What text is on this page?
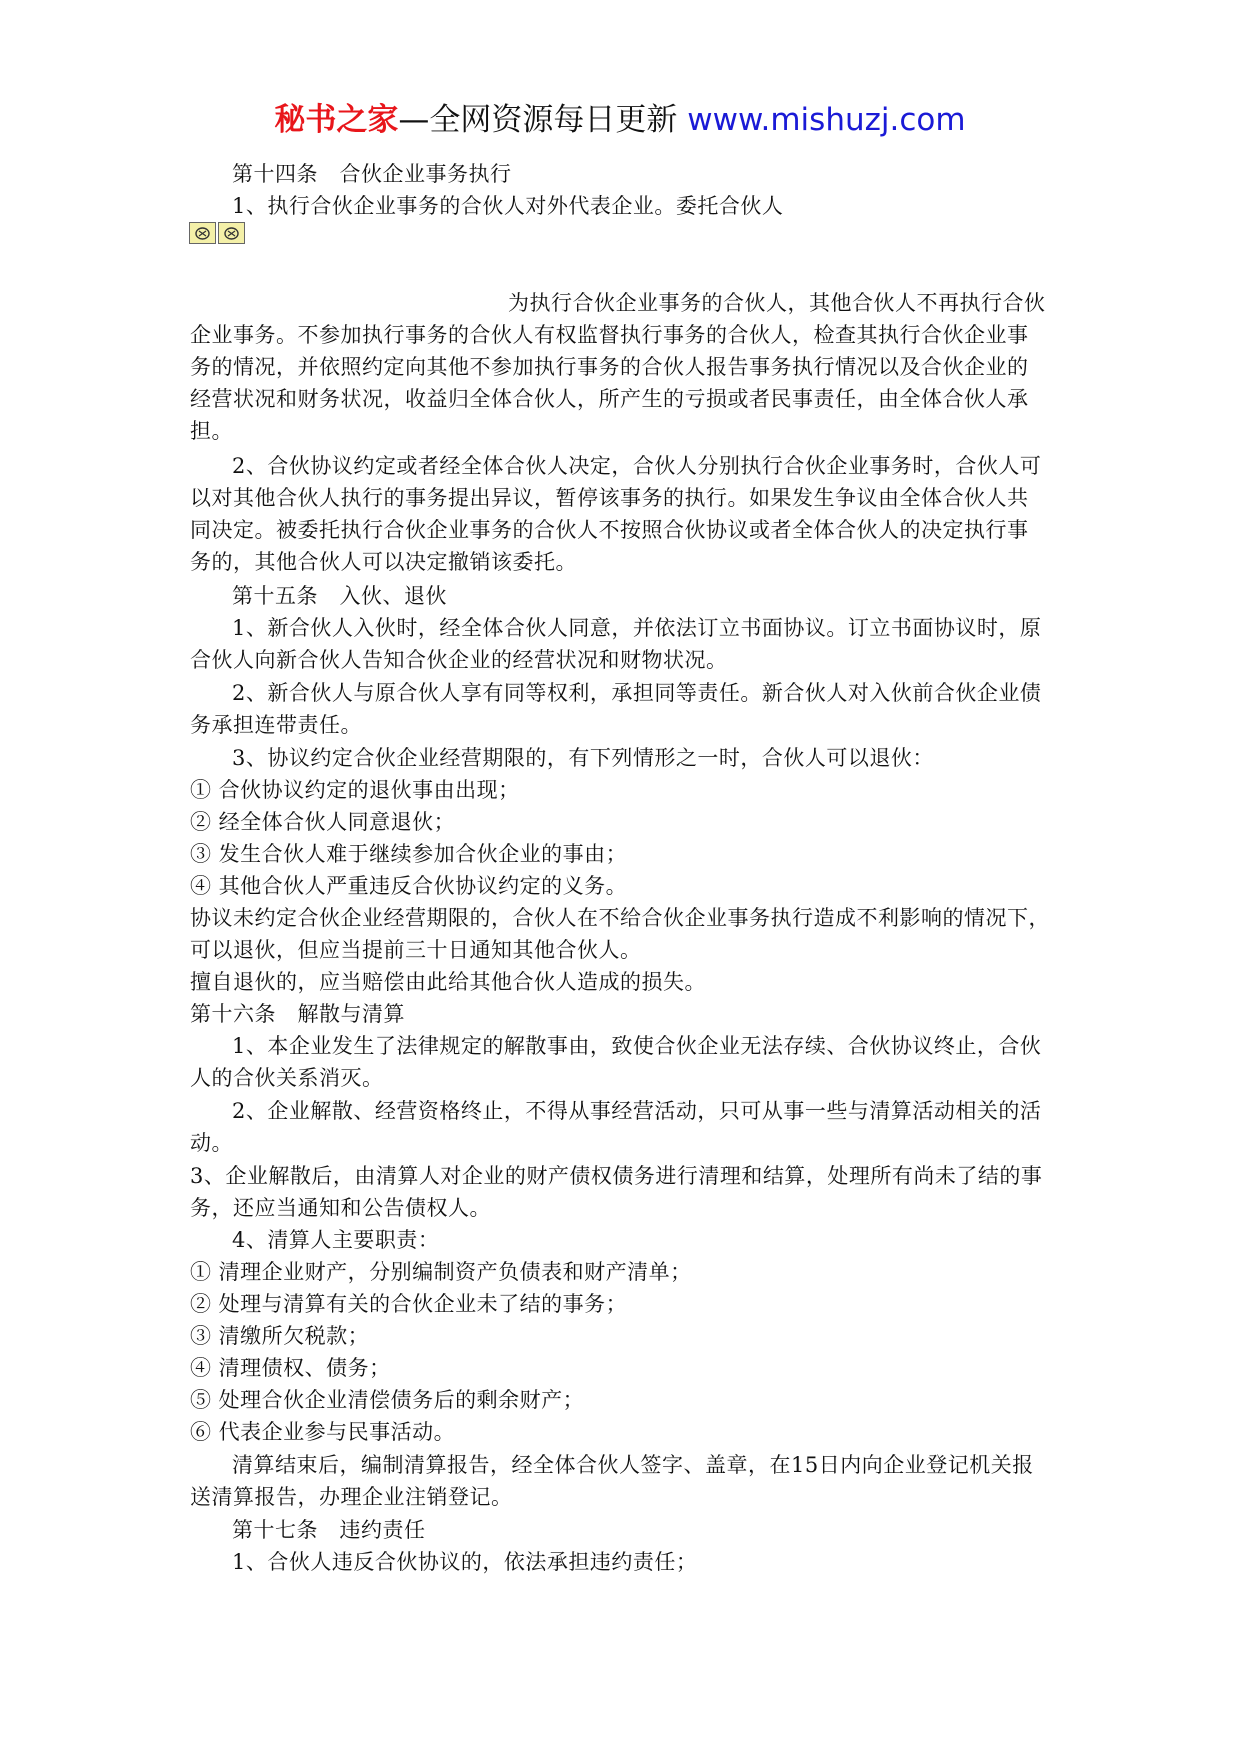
秘书之家—全网资源每日更新 www.mishuzj.com
第十四条　合伙企业事务执行
1、执行合伙企业事务的合伙人对外代表企业。委托合伙人
为执行合伙企业事务的合伙人，其他合伙人不再执行合伙
企业事务。不参加执行事务的合伙人有权监督执行事务的合伙人，检查其执行合伙企业事
务的情况，并依照约定向其他不参加执行事务的合伙人报告事务执行情况以及合伙企业的
经营状况和财务状况，收益归全体合伙人，所产生的亏损或者民事责任，由全体合伙人承
担。
2、合伙协议约定或者经全体合伙人决定，合伙人分别执行合伙企业事务时，合伙人可
以对其他合伙人执行的事务提出异议，暂停该事务的执行。如果发生争议由全体合伙人共
同决定。被委托执行合伙企业事务的合伙人不按照合伙协议或者全体合伙人的决定执行事
务的，其他合伙人可以决定撤销该委托。
第十五条　入伙、退伙
1、新合伙人入伙时，经全体合伙人同意，并依法订立书面协议。订立书面协议时，原
合伙人向新合伙人告知合伙企业的经营状况和财物状况。
2、新合伙人与原合伙人享有同等权利，承担同等责任。新合伙人对入伙前合伙企业债
务承担连带责任。
3、协议约定合伙企业经营期限的，有下列情形之一时，合伙人可以退伙：
① 合伙协议约定的退伙事由出现；
② 经全体合伙人同意退伙；
③ 发生合伙人难于继续参加合伙企业的事由；
④ 其他合伙人严重违反合伙协议约定的义务。
协议未约定合伙企业经营期限的，合伙人在不给合伙企业事务执行造成不利影响的情况下，
可以退伙，但应当提前三十日通知其他合伙人。
擅自退伙的，应当赔偿由此给其他合伙人造成的损失。
第十六条　解散与清算
1、本企业发生了法律规定的解散事由，致使合伙企业无法存续、合伙协议终止，合伙
人的合伙关系消灭。
2、企业解散、经营资格终止，不得从事经营活动，只可从事一些与清算活动相关的活
动。
3、企业解散后，由清算人对企业的财产债权债务进行清理和结算，处理所有尚未了结的事
务，还应当通知和公告债权人。
4、清算人主要职责：
① 清理企业财产，分别编制资产负债表和财产清单；
② 处理与清算有关的合伙企业未了结的事务；
③ 清缴所欠税款；
④ 清理债权、债务；
⑤ 处理合伙企业清偿债务后的剩余财产；
⑥ 代表企业参与民事活动。
清算结束后，编制清算报告，经全体合伙人签字、盖章，在15日内向企业登记机关报
送清算报告，办理企业注销登记。
第十七条　违约责任
1、合伙人违反合伙协议的，依法承担违约责任；
